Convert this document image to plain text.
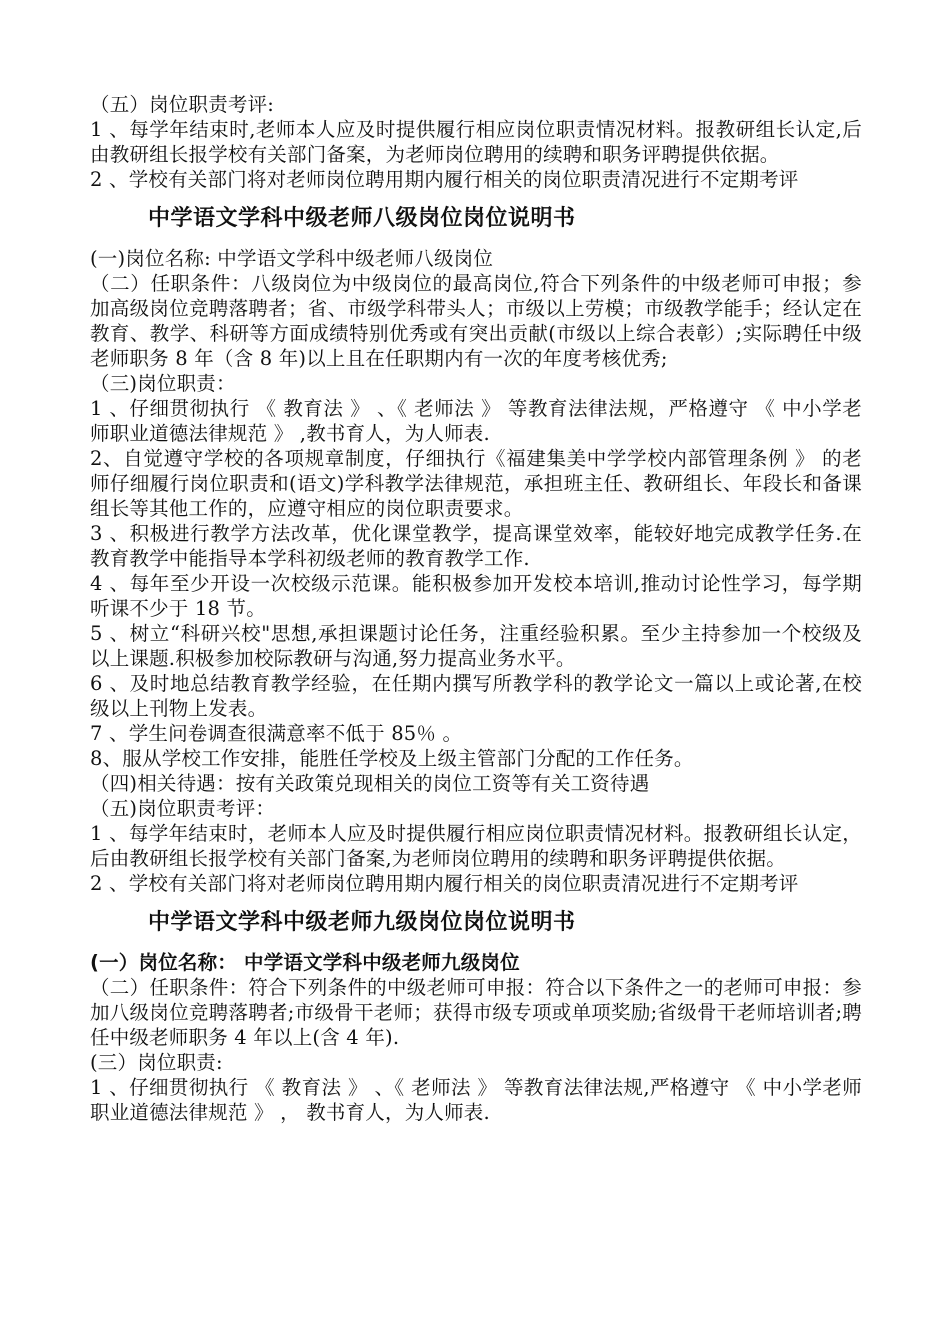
（五）岗位职责考评:

1 、每学年结束时,老师本人应及时提供履行相应岗位职责情况材料。报教研组长认定,后由教研组长报学校有关部门备案，为老师岗位聘用的续聘和职务评聘提供依据。

2 、学校有关部门将对老师岗位聘用期内履行相关的岗位职责清况进行不定期考评

中学语文学科中级老师八级岗位岗位说明书

(一)岗位名称: 中学语文学科中级老师八级岗位

（二）任职条件：八级岗位为中级岗位的最高岗位,符合下列条件的中级老师可申报；参加高级岗位竞聘落聘者；省、市级学科带头人；市级以上劳模；市级教学能手；经认定在教育、教学、科研等方面成绩特别优秀或有突出贡献(市级以上综合表彰）;实际聘任中级老师职务 8 年（含 8 年)以上且在任职期内有一次的年度考核优秀;

（三)岗位职责：

1 、仔细贯彻执行 《 教育法 》 、《 老师法 》 等教育法律法规，严格遵守 《 中小学老师职业道德法律规范 》 ,教书育人，为人师表.

2、自觉遵守学校的各项规章制度，仔细执行《福建集美中学学校内部管理条例 》 的老师仔细履行岗位职责和(语文)学科教学法律规范，承担班主任、教研组长、年段长和备课组长等其他工作的，应遵守相应的岗位职责要求。

3 、积极进行教学方法改革，优化课堂教学，提高课堂效率，能较好地完成教学任务.在教育教学中能指导本学科初级老师的教育教学工作.

4 、每年至少开设一次校级示范课。能积极参加开发校本培训,推动讨论性学习，每学期听课不少于 18 节。

5 、树立“科研兴校"思想,承担课题讨论任务，注重经验积累。至少主持参加一个校级及以上课题.积极参加校际教研与沟通,努力提高业务水平。

6 、及时地总结教育教学经验，在任期内撰写所教学科的教学论文一篇以上或论著,在校级以上刊物上发表。

7 、学生问卷调查很满意率不低于 85％ 。

8、服从学校工作安排，能胜任学校及上级主管部门分配的工作任务。

（四)相关待遇：按有关政策兑现相关的岗位工资等有关工资待遇

（五)岗位职责考评：

1 、每学年结束时，老师本人应及时提供履行相应岗位职责情况材料。报教研组长认定，后由教研组长报学校有关部门备案,为老师岗位聘用的续聘和职务评聘提供依据。

2 、学校有关部门将对老师岗位聘用期内履行相关的岗位职责清况进行不定期考评

中学语文学科中级老师九级岗位岗位说明书

(一）岗位名称： 中学语文学科中级老师九级岗位

（二）任职条件：符合下列条件的中级老师可申报：符合以下条件之一的老师可申报：参加八级岗位竞聘落聘者;市级骨干老师；获得市级专项或单项奖励;省级骨干老师培训者;聘任中级老师职务 4 年以上(含 4 年).

(三）岗位职责:

1 、仔细贯彻执行 《 教育法 》 、《 老师法 》 等教育法律法规,严格遵守 《 中小学老师职业道德法律规范 》 ， 教书育人，为人师表.
